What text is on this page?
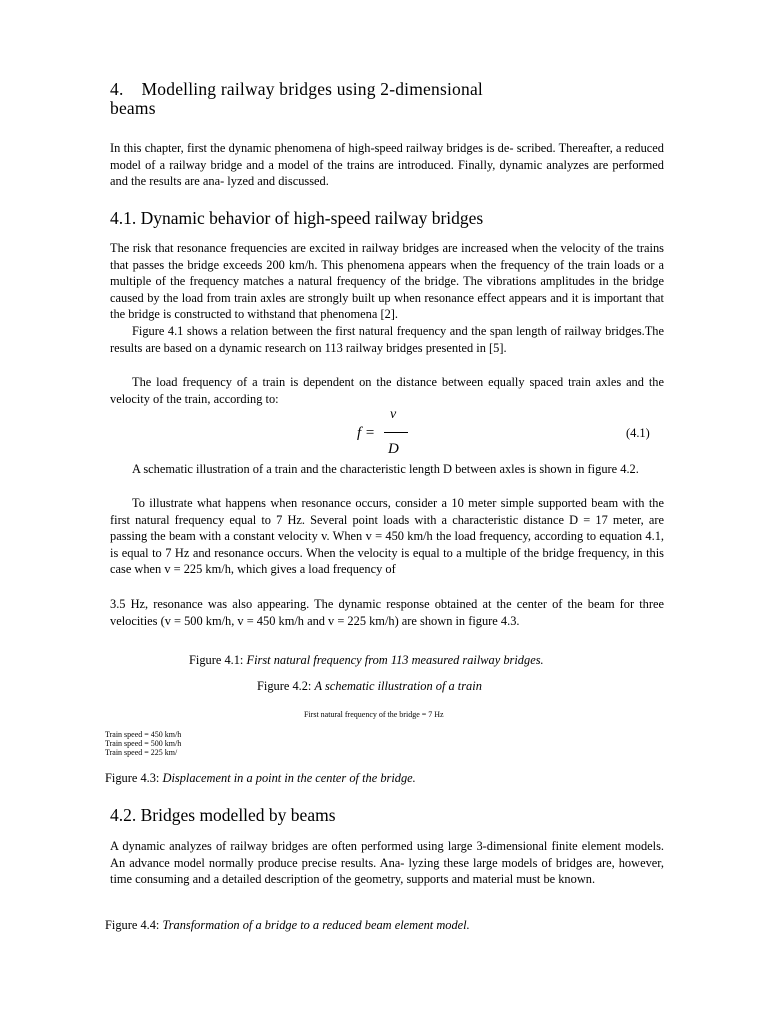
4. Modelling railway bridges using 2-dimensional
beams

In this chapter, first the dynamic phenomena of high-speed railway bridges is de- scribed. Thereafter, a reduced model of a railway bridge and a model of the trains are introduced. Finally, dynamic analyzes are performed and the results are ana- lyzed and discussed.

4.1. Dynamic behavior of high-speed railway bridges

The risk that resonance frequencies are excited in railway bridges are increased when the velocity of the trains that passes the bridge exceeds 200 km/h. This phenomena appears when the frequency of the train loads or a multiple of the frequency matches a natural frequency of the bridge. The vibrations amplitudes in the bridge caused by the load from train axles are strongly built up when resonance effect appears and it is important that the bridge is constructed to withstand that phenomena [2].

Figure 4.1 shows a relation between the first natural frequency and the span length of railway bridges.The results are based on a dynamic research on 113 railway bridges presented in [5].

The load frequency of a train is dependent on the distance between equally spaced train axles and the velocity of the train, according to:

f =
v
D
(4.1)

A schematic illustration of a train and the characteristic length D between axles is shown in figure 4.2.

To illustrate what happens when resonance occurs, consider a 10 meter simple supported beam with the first natural frequency equal to 7 Hz. Several point loads with a characteristic distance D = 17 meter, are passing the beam with a constant velocity v. When v = 450 km/h the load frequency, according to equation 4.1, is equal to 7 Hz and resonance occurs. When the velocity is equal to a multiple of the bridge frequency, in this case when v = 225 km/h, which gives a load frequency of

3.5 Hz, resonance was also appearing. The dynamic response obtained at the center of the beam for three velocities (v = 500 km/h, v = 450 km/h and v = 225 km/h) are shown in figure 4.3.

Figure 4.1: First natural frequency from 113 measured railway bridges.
Figure 4.2: A schematic illustration of a train
First natural frequency of the bridge = 7 Hz
Train speed = 450 km/h
Train speed = 500 km/h
Train speed = 225 km/
Figure 4.3: Displacement in a point in the center of the bridge.
4.2. Bridges modelled by beams

A dynamic analyzes of railway bridges are often performed using large 3-dimensional finite element models. An advance model normally produce precise results. Ana- lyzing these large models of bridges are, however, time consuming and a detailed description of the geometry, supports and material must be known.

Figure 4.4: Transformation of a bridge to a reduced beam element model.
